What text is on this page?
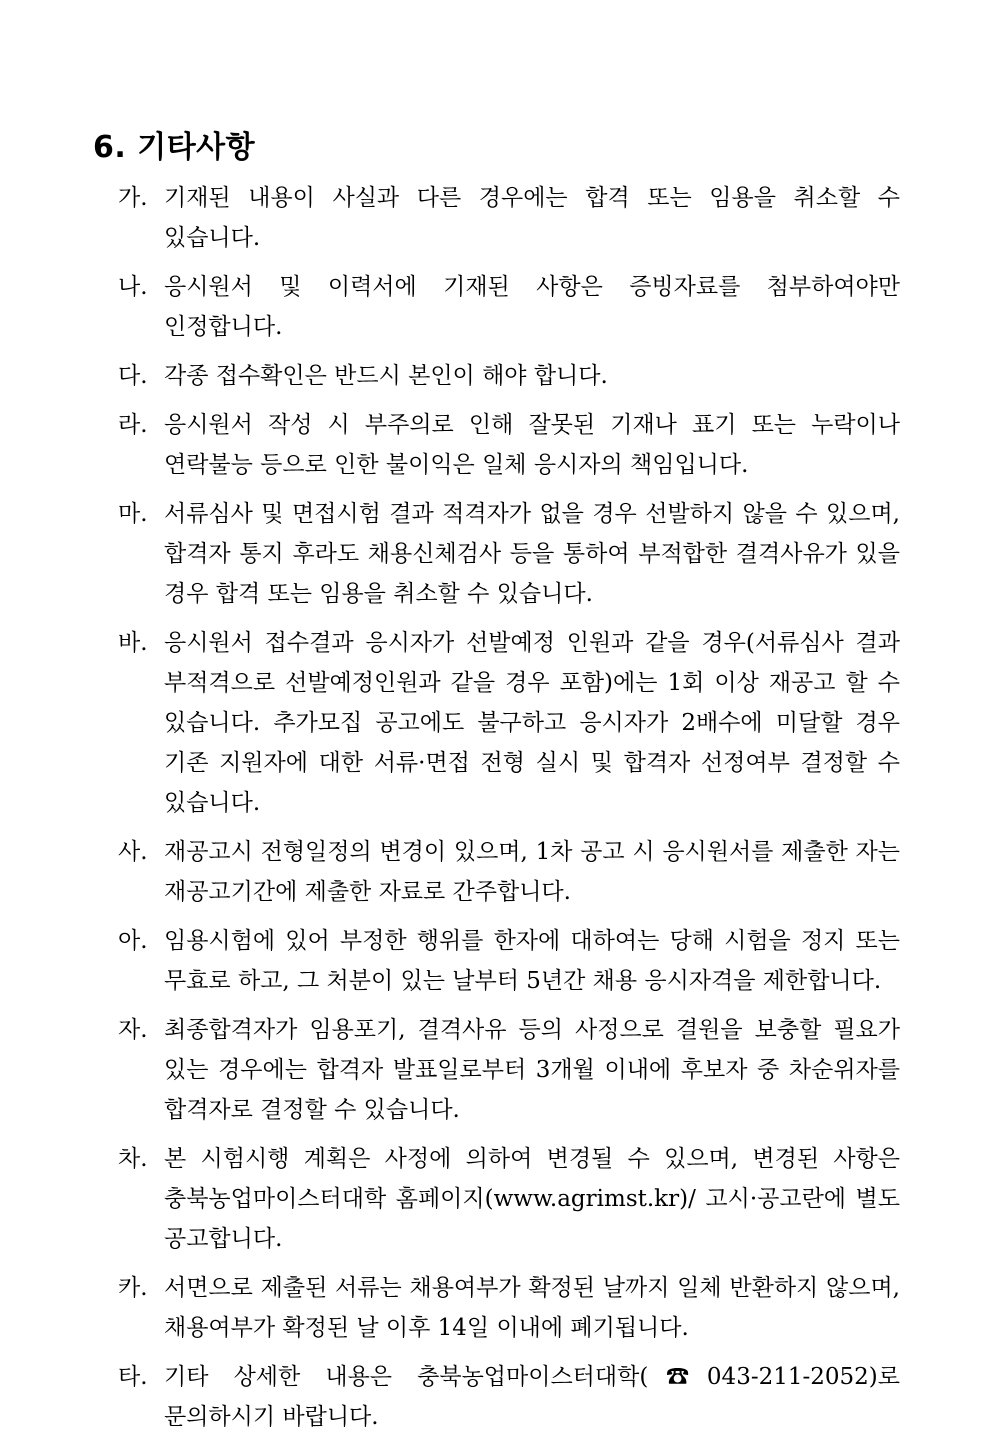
6. 기타사항
가. 기재된 내용이 사실과 다른 경우에는 합격 또는 임용을 취소할 수 있습니다.
나. 응시원서 및 이력서에 기재된 사항은 증빙자료를 첨부하여야만 인정합니다.
다. 각종 접수확인은 반드시 본인이 해야 합니다.
라. 응시원서 작성 시 부주의로 인해 잘못된 기재나 표기 또는 누락이나 연락불능 등으로 인한 불이익은 일체 응시자의 책임입니다.
마. 서류심사 및 면접시험 결과 적격자가 없을 경우 선발하지 않을 수 있으며, 합격자 통지 후라도 채용신체검사 등을 통하여 부적합한 결격사유가 있을 경우 합격 또는 임용을 취소할 수 있습니다.
바. 응시원서 접수결과 응시자가 선발예정 인원과 같을 경우(서류심사 결과 부적격으로 선발예정인원과 같을 경우 포함)에는 1회 이상 재공고 할 수 있습니다. 추가모집 공고에도 불구하고 응시자가 2배수에 미달할 경우 기존 지원자에 대한 서류·면접 전형 실시 및 합격자 선정여부 결정할 수 있습니다.
사. 재공고시 전형일정의 변경이 있으며, 1차 공고 시 응시원서를 제출한 자는 재공고기간에 제출한 자료로 간주합니다.
아. 임용시험에 있어 부정한 행위를 한자에 대하여는 당해 시험을 정지 또는 무효로 하고, 그 처분이 있는 날부터 5년간 채용 응시자격을 제한합니다.
자. 최종합격자가 임용포기, 결격사유 등의 사정으로 결원을 보충할 필요가 있는 경우에는 합격자 발표일로부터 3개월 이내에 후보자 중 차순위자를 합격자로 결정할 수 있습니다.
차. 본 시험시행 계획은 사정에 의하여 변경될 수 있으며, 변경된 사항은 충북농업마이스터대학 홈페이지(www.agrimst.kr)/ 고시·공고란에 별도 공고합니다.
카. 서면으로 제출된 서류는 채용여부가 확정된 날까지 일체 반환하지 않으며, 채용여부가 확정된 날 이후 14일 이내에 폐기됩니다.
타. 기타 상세한 내용은 충북농업마이스터대학(☎043-211-2052)로 문의하시기 바랍니다.
